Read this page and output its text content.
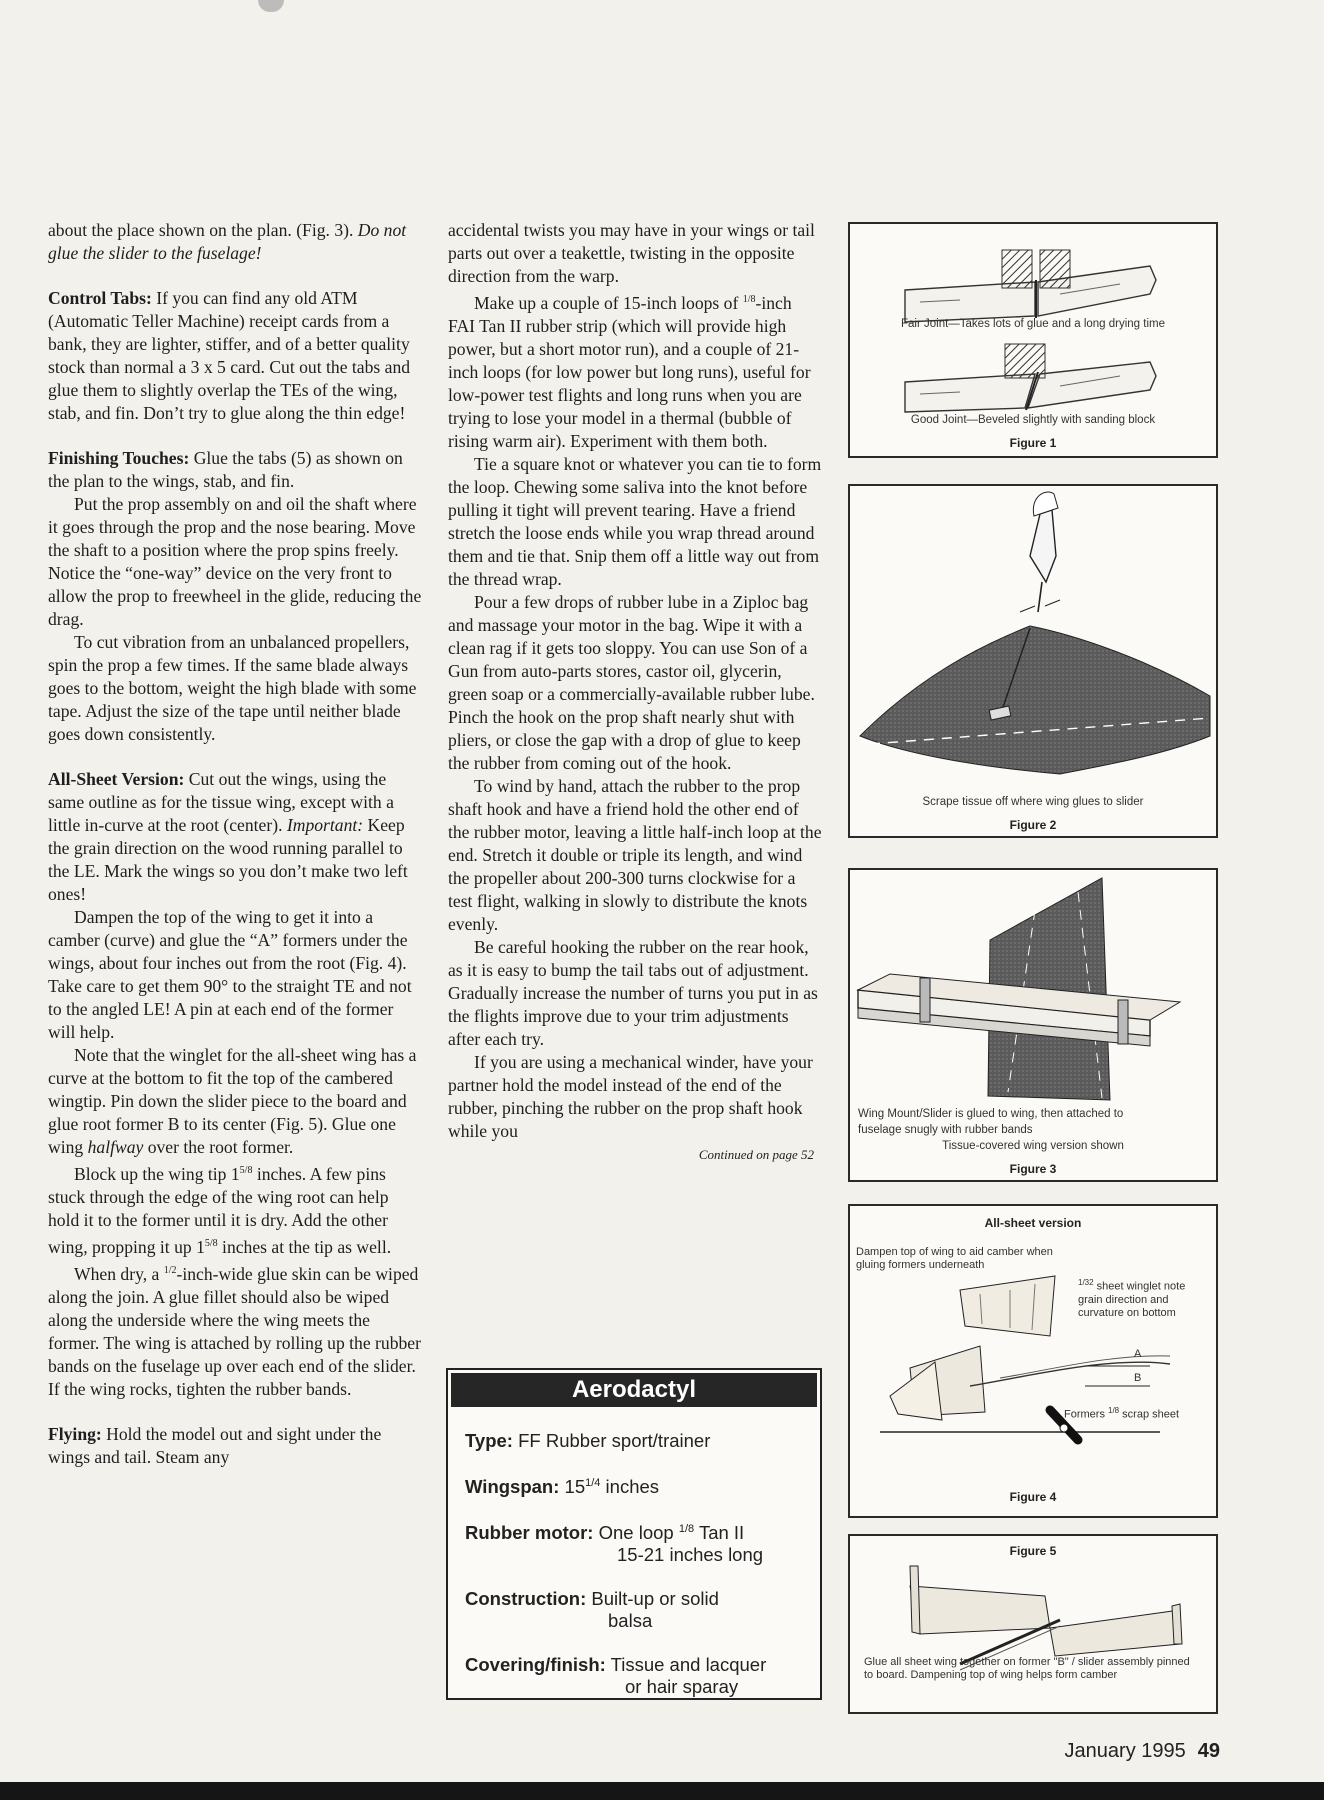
about the place shown on the plan. (Fig. 3). Do not glue the slider to the fuselage!

Control Tabs: If you can find any old ATM (Automatic Teller Machine) receipt cards from a bank, they are lighter, stiffer, and of a better quality stock than normal a 3 x 5 card. Cut out the tabs and glue them to slightly overlap the TEs of the wing, stab, and fin. Don’t try to glue along the thin edge!

Finishing Touches: Glue the tabs (5) as shown on the plan to the wings, stab, and fin.

Put the prop assembly on and oil the shaft where it goes through the prop and the nose bearing. Move the shaft to a position where the prop spins freely. Notice the “one-way” device on the very front to allow the prop to freewheel in the glide, reducing the drag.

To cut vibration from an unbalanced propellers, spin the prop a few times. If the same blade always goes to the bottom, weight the high blade with some tape. Adjust the size of the tape until neither blade goes down consistently.

All-Sheet Version: Cut out the wings, using the same outline as for the tissue wing, except with a little in-curve at the root (center). Important: Keep the grain direction on the wood running parallel to the LE. Mark the wings so you don’t make two left ones!

Dampen the top of the wing to get it into a camber (curve) and glue the “A” formers under the wings, about four inches out from the root (Fig. 4). Take care to get them 90° to the straight TE and not to the angled LE! A pin at each end of the former will help.

Note that the winglet for the all-sheet wing has a curve at the bottom to fit the top of the cambered wingtip. Pin down the slider piece to the board and glue root former B to its center (Fig. 5). Glue one wing halfway over the root former.

Block up the wing tip $1^{5/8}$ inches. A few pins stuck through the edge of the wing root can help hold it to the former until it is dry. Add the other wing, propping it up $1^{5/8}$ inches at the tip as well.

When dry, a $^{1/2}$-inch-wide glue skin can be wiped along the join. A glue fillet should also be wiped along the underside where the wing meets the former. The wing is attached by rolling up the rubber bands on the fuselage up over each end of the slider. If the wing rocks, tighten the rubber bands.

Flying: Hold the model out and sight under the wings and tail. Steam any

accidental twists you may have in your wings or tail parts out over a teakettle, twisting in the opposite direction from the warp.

Make up a couple of 15-inch loops of $^{1/8}$-inch FAI Tan II rubber strip (which will provide high power, but a short motor run), and a couple of 21-inch loops (for low power but long runs), useful for low-power test flights and long runs when you are trying to lose your model in a thermal (bubble of rising warm air). Experiment with them both.

Tie a square knot or whatever you can tie to form the loop. Chewing some saliva into the knot before pulling it tight will prevent tearing. Have a friend stretch the loose ends while you wrap thread around them and tie that. Snip them off a little way out from the thread wrap.

Pour a few drops of rubber lube in a Ziploc bag and massage your motor in the bag. Wipe it with a clean rag if it gets too sloppy. You can use Son of a Gun from auto-parts stores, castor oil, glycerin, green soap or a commercially-available rubber lube. Pinch the hook on the prop shaft nearly shut with pliers, or close the gap with a drop of glue to keep the rubber from coming out of the hook.

To wind by hand, attach the rubber to the prop shaft hook and have a friend hold the other end of the rubber motor, leaving a little half-inch loop at the end. Stretch it double or triple its length, and wind the propeller about 200-300 turns clockwise for a test flight, walking in slowly to distribute the knots evenly.

Be careful hooking the rubber on the rear hook, as it is easy to bump the tail tabs out of adjustment. Gradually increase the number of turns you put in as the flights improve due to your trim adjustments after each try.

If you are using a mechanical winder, have your partner hold the model instead of the end of the rubber, pinching the rubber on the prop shaft hook while you

Continued on page 52

Aerodactyl
Type: FF Rubber sport/trainer
Wingspan: $15^{1/4}$ inches
Rubber motor: One loop $^{1/8}$ Tan II
15-21 inches long
Construction: Built-up or solid
balsa
Covering/finish: Tissue and lacquer
or hair sparay
Fair Joint—Takes lots of glue and a long drying time
Good Joint—Beveled slightly with sanding block
Figure 1
Scrape tissue off where wing glues to slider
Figure 2
Wing Mount/Slider is glued to wing, then attached to
fuselage snugly with rubber bands
Tissue-covered wing version shown
Figure 3
All-sheet version
Dampen top of wing to aid camber when gluing formers underneath
$^{1/32}$ sheet winglet note grain direction and curvature on bottom
A
B
Formers $^{1/8}$ scrap sheet
Figure 4
Figure 5
Glue all sheet wing together on former "B" / slider assembly pinned to board. Dampening top of wing helps form camber
January 1995 49
